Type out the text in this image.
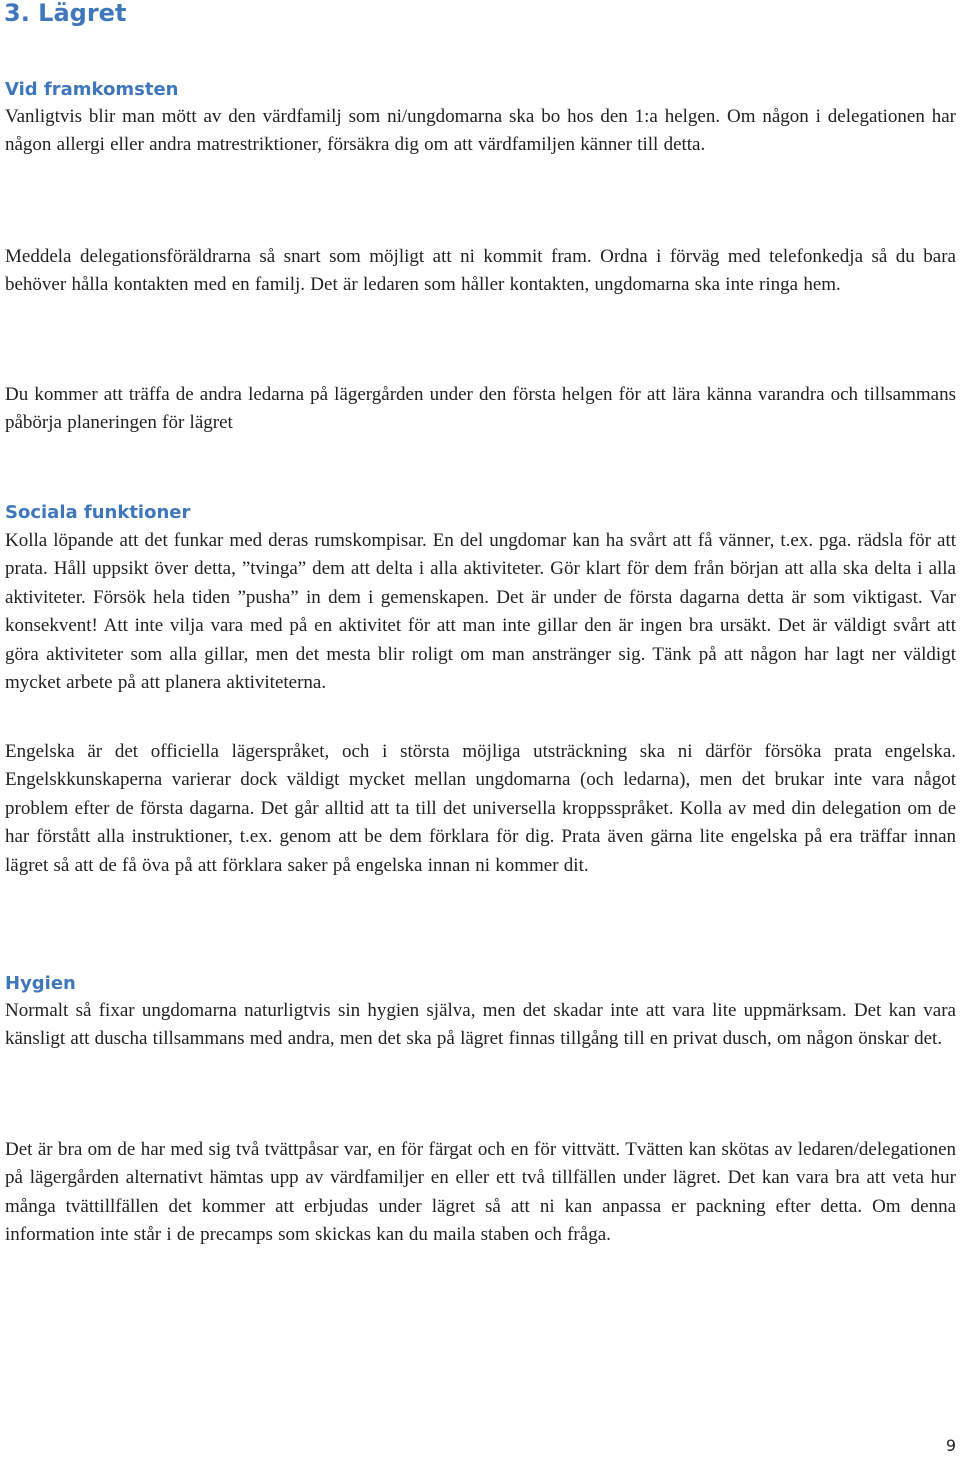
3. Lägret
Vid framkomsten

Vanligtvis blir man mött av den värdfamilj som ni/ungdomarna ska bo hos den 1:a helgen. Om någon i delegationen har någon allergi eller andra matrestriktioner, försäkra dig om att värdfamiljen känner till detta.

Meddela delegationsföräldrarna så snart som möjligt att ni kommit fram. Ordna i förväg med telefonkedja så du bara behöver hålla kontakten med en familj. Det är ledaren som håller kontakten, ungdomarna ska inte ringa hem.

Du kommer att träffa de andra ledarna på lägergården under den första helgen för att lära känna varandra och tillsammans påbörja planeringen för lägret

Sociala funktioner

Kolla löpande att det funkar med deras rumskompisar. En del ungdomar kan ha svårt att få vänner, t.ex. pga. rädsla för att prata. Håll uppsikt över detta, ”tvinga” dem att delta i alla aktiviteter. Gör klart för dem från början att alla ska delta i alla aktiviteter. Försök hela tiden ”pusha” in dem i gemenskapen. Det är under de första dagarna detta är som viktigast. Var konsekvent! Att inte vilja vara med på en aktivitet för att man inte gillar den är ingen bra ursäkt. Det är väldigt svårt att göra aktiviteter som alla gillar, men det mesta blir roligt om man anstränger sig. Tänk på att någon har lagt ner väldigt mycket arbete på att planera aktiviteterna.

Engelska är det officiella lägerspråket, och i största möjliga utsträckning ska ni därför försöka prata engelska. Engelskkunskaperna varierar dock väldigt mycket mellan ungdomarna (och ledarna), men det brukar inte vara något problem efter de första dagarna. Det går alltid att ta till det universella kroppsspråket. Kolla av med din delegation om de har förstått alla instruktioner, t.ex. genom att be dem förklara för dig. Prata även gärna lite engelska på era träffar innan lägret så att de få öva på att förklara saker på engelska innan ni kommer dit.

Hygien

Normalt så fixar ungdomarna naturligtvis sin hygien själva, men det skadar inte att vara lite uppmärksam. Det kan vara känsligt att duscha tillsammans med andra, men det ska på lägret finnas tillgång till en privat dusch, om någon önskar det.

Det är bra om de har med sig två tvättpåsar var, en för färgat och en för vittvätt. Tvätten kan skötas av ledaren/delegationen på lägergården alternativt hämtas upp av värdfamiljer en eller ett två tillfällen under lägret. Det kan vara bra att veta hur många tvättillfällen det kommer att erbjudas under lägret så att ni kan anpassa er packning efter detta. Om denna information inte står i de precamps som skickas kan du maila staben och fråga.

9
